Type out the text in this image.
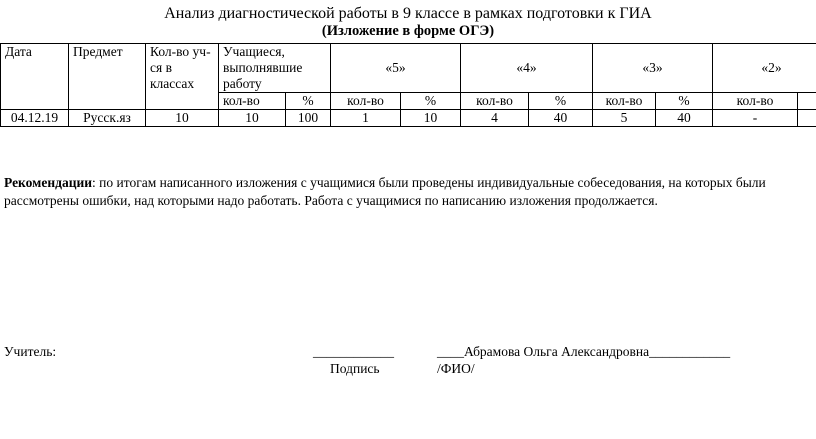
Анализ диагностической работы в 9 классе в рамках подготовки к ГИА
(Изложение в форме ОГЭ)
Дата	Предмет	Кол-во уч-ся в классах	Учащиеся, выполнявшие работу		«5»		«4»		«3»		«2»	
			кол-во	%	кол-во	%	кол-во	%	кол-во	%	кол-во	
04.12.19	Русск.яз	10	10	100	1	10	4	40	5	40	-	
Рекомендации: по итогам написанного изложения с учащимися были проведены индивидуальные собеседования, на которых были рассмотрены ошибки, над которыми надо работать. Работа с учащимися по написанию изложения продолжается.
Учитель:	____________	____Абрамова Ольга Александровна____________
Подпись	/ФИО/
